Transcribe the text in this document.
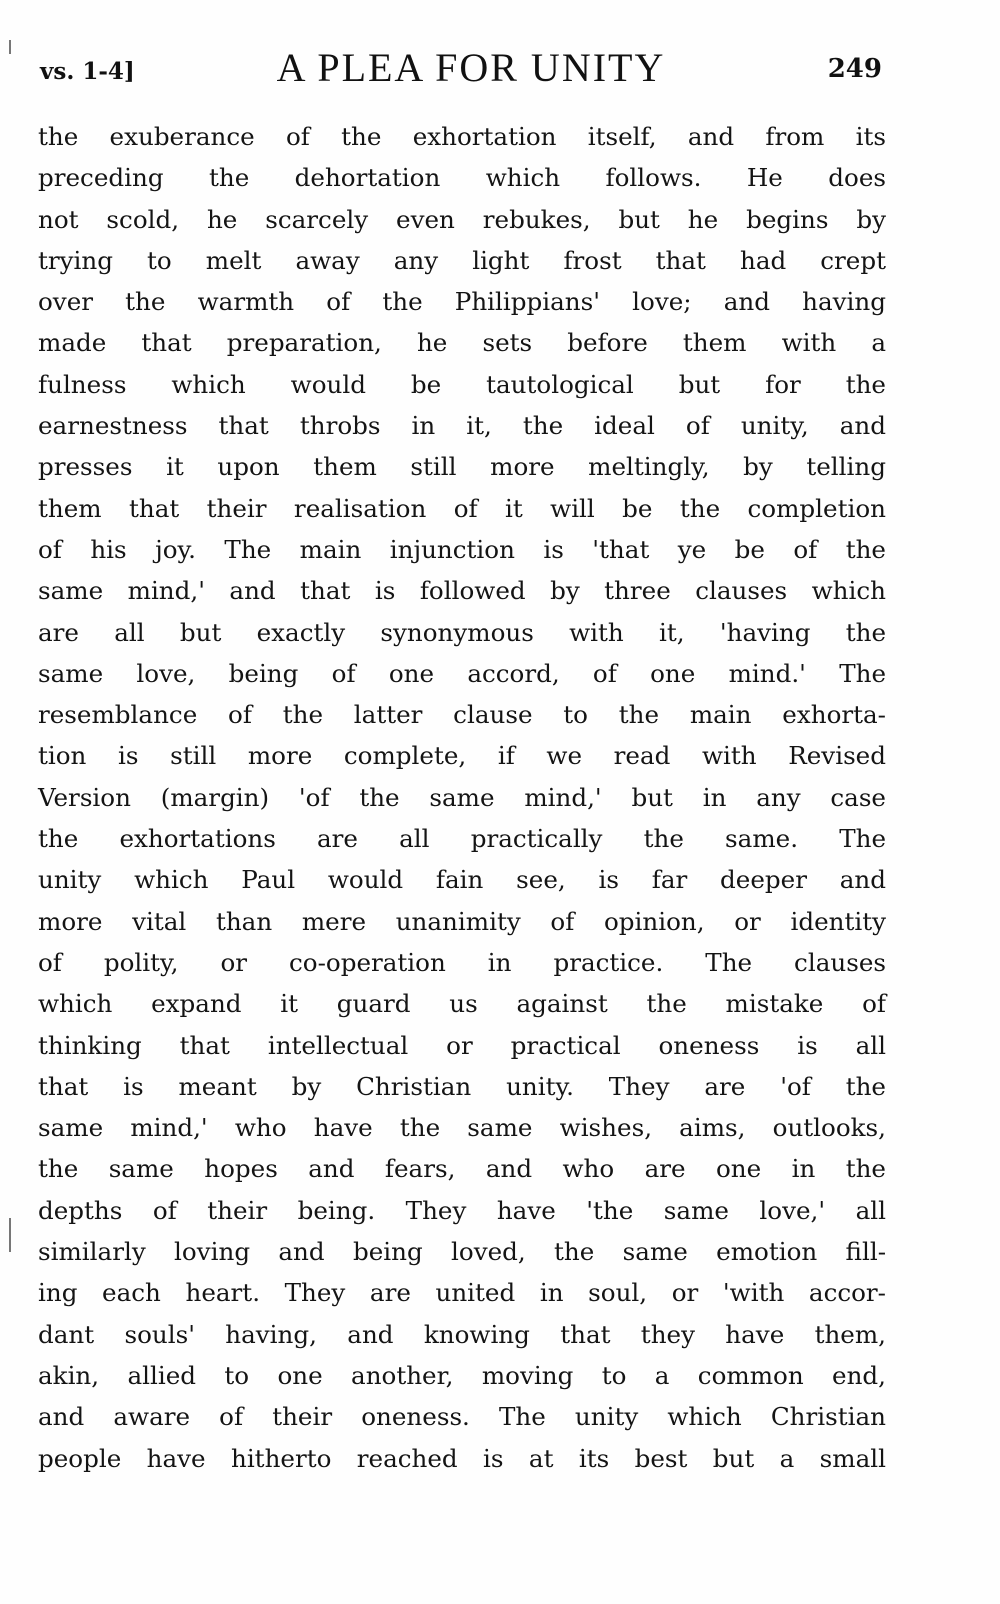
vs. 1-4]	A PLEA FOR UNITY	249
the exuberance of the exhortation itself, and from its
preceding the dehortation which follows. He does
not scold, he scarcely even rebukes, but he begins by
trying to melt away any light frost that had crept
over the warmth of the Philippians' love; and having
made that preparation, he sets before them with a
fulness which would be tautological but for the
earnestness that throbs in it, the ideal of unity, and
presses it upon them still more meltingly, by telling
them that their realisation of it will be the completion
of his joy. The main injunction is 'that ye be of the
same mind,' and that is followed by three clauses which
are all but exactly synonymous with it, 'having the
same love, being of one accord, of one mind.' The
resemblance of the latter clause to the main exhorta-
tion is still more complete, if we read with Revised
Version (margin) 'of the same mind,' but in any case
the exhortations are all practically the same. The
unity which Paul would fain see, is far deeper and
more vital than mere unanimity of opinion, or identity
of polity, or co-operation in practice. The clauses
which expand it guard us against the mistake of
thinking that intellectual or practical oneness is all
that is meant by Christian unity. They are 'of the
same mind,' who have the same wishes, aims, outlooks,
the same hopes and fears, and who are one in the
depths of their being. They have 'the same love,' all
similarly loving and being loved, the same emotion fill-
ing each heart. They are united in soul, or 'with accor-
dant souls' having, and knowing that they have them,
akin, allied to one another, moving to a common end,
and aware of their oneness. The unity which Christian
people have hitherto reached is at its best but a small
